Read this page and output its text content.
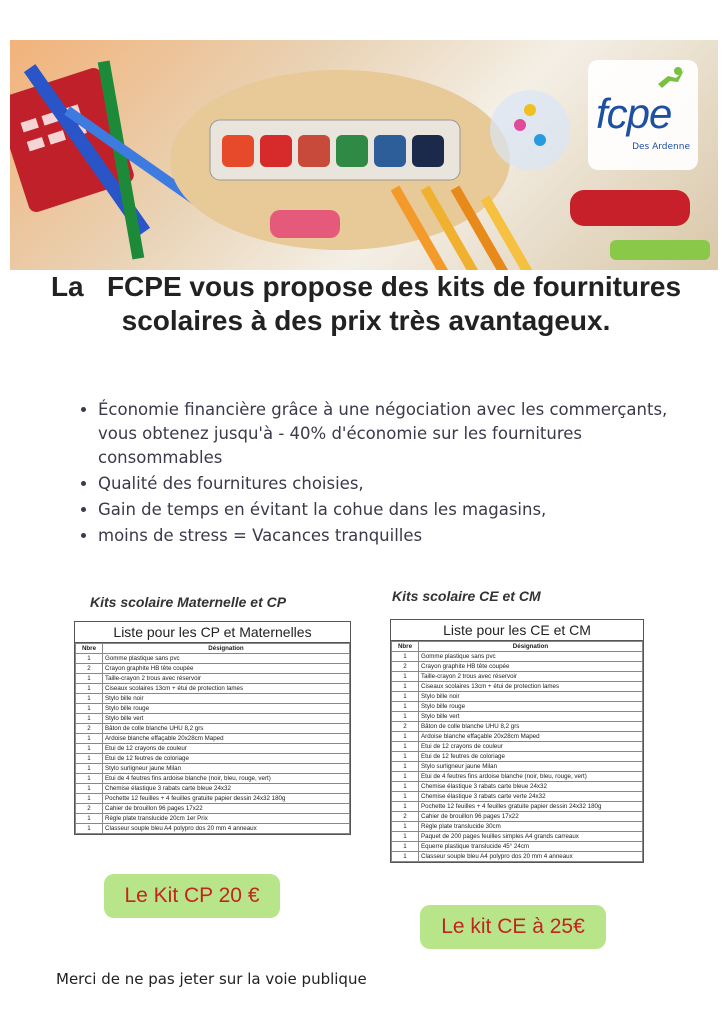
fcpe
Des Ardenne
La   FCPE vous propose des kits de fournitures
scolaires à des prix très avantageux.
• Économie financière grâce à une négociation avec les commerçants, vous obtenez jusqu'à - 40% d'économie sur les fournitures consommables
• Qualité des fournitures choisies,
• Gain de temps en évitant la cohue dans les magasins,
• moins de stress = Vacances tranquilles
Kits scolaire Maternelle et CP
Liste pour les CP et Maternelles
Nbre	Désignation
1	Gomme plastique sans pvc
2	Crayon graphite HB tête coupée
1	Taille-crayon 2 trous avec réservoir
1	Ciseaux scolaires 13cm + étui de protection lames
1	Stylo bille noir
1	Stylo bille rouge
1	Stylo bille vert
2	Bâton de colle blanche UHU 8,2 grs
1	Ardoise blanche effaçable 20x28cm Maped
1	Etui de 12 crayons de couleur
1	Etui de 12 feutres de coloriage
1	Stylo surligneur jaune Milan
1	Etui de 4 feutres fins ardoise blanche (noir, bleu, rouge, vert)
1	Chemise élastique 3 rabats carte bleue 24x32
1	Pochette 12 feuilles + 4 feuilles gratuite papier dessin 24x32 180g
2	Cahier de brouillon 96 pages 17x22
1	Règle plate translucide 20cm 1er Prix
1	Classeur souple bleu A4 polypro dos 20 mm 4 anneaux
Le Kit CP 20 €
Kits scolaire CE et CM
Liste pour les CE et CM
Nbre	Désignation
1	Gomme plastique sans pvc
2	Crayon graphite HB tête coupée
1	Taille-crayon 2 trous avec réservoir
1	Ciseaux scolaires 13cm + étui de protection lames
1	Stylo bille noir
1	Stylo bille rouge
1	Stylo bille vert
2	Bâton de colle blanche UHU 8,2 grs
1	Ardoise blanche effaçable 20x28cm Maped
1	Etui de 12 crayons de couleur
1	Etui de 12 feutres de coloriage
1	Stylo surligneur jaune Milan
1	Etui de 4 feutres fins ardoise blanche (noir, bleu, rouge, vert)
1	Chemise élastique 3 rabats carte bleue 24x32
1	Chemise élastique 3 rabats carte verte 24x32
1	Pochette 12 feuilles + 4 feuilles gratuite papier dessin 24x32 180g
2	Cahier de brouillon 96 pages 17x22
1	Règle plate translucide 30cm
1	Paquet de 200 pages feuilles simples A4 grands carreaux
1	Equerre plastique translucide 45° 24cm
1	Classeur souple bleu A4 polypro dos 20 mm 4 anneaux
Le kit CE à 25€
Merci de ne pas jeter sur la voie publique
